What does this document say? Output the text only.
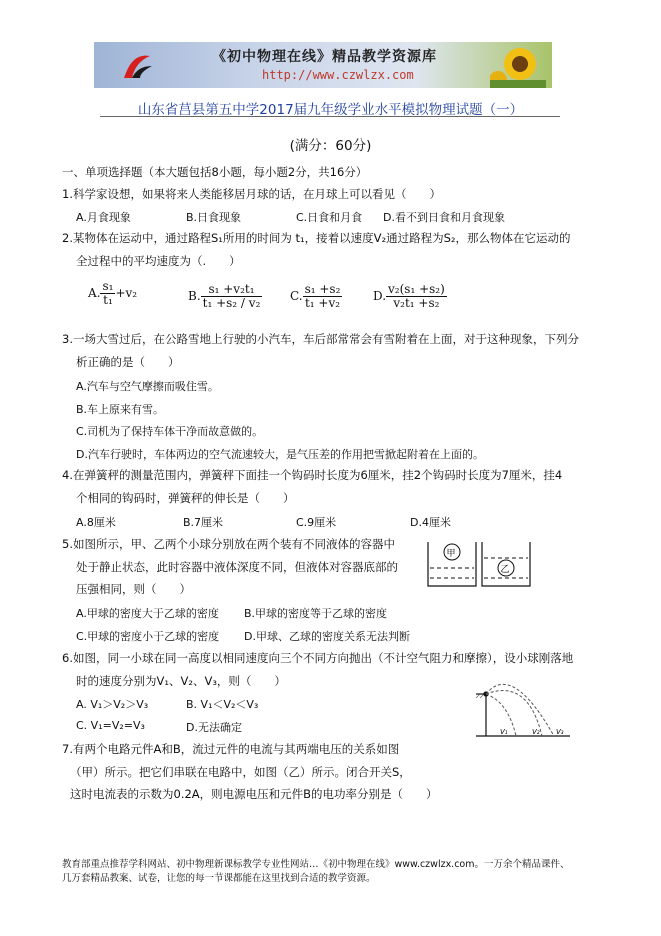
《初中物理在线》精品教学资源库
http://www.czwlzx.com
山东省莒县第五中学2017届九年级学业水平模拟物理试题（一）
(满分：60分)
一、单项选择题（本大题包括8小题，每小题2分，共16分）
1.科学家设想，如果将来人类能移居月球的话，在月球上可以看见（　　）
A.月食现象	B.日食现象	C.日食和月食 D.看不到日食和月食现象
2.某物体在运动中，通过路程S₁所用的时间为 t₁，接着以速度V₂通过路程为S₂，那么物体在它运动的
全过程中的平均速度为（.　　）
A. $\frac{\text{s₁}}{\text{t₁}} +v_2$	B. $\frac{\text{s₁ +v₂t₁}}{\text{t₁ +s₂ / v₂}} C$. $\frac{\text{s₁ +s₂}}{\text{t₁ +v₂}}$	D. $\frac{\text{v₂(s₁ +s₂)}}{\text{v₂t₁ +s₂}}$
3.一场大雪过后，在公路雪地上行驶的小汽车，车后部常常会有雪附着在上面，对于这种现象，下列分
析正确的是（　　）
A.汽车与空气摩擦而吸住雪。
B.车上原来有雪。
C.司机为了保持车体干净而故意做的。
D.汽车行驶时，车体两边的空气流速较大，是气压差的作用把雪掀起附着在上面的。
4.在弹簧秤的测量范围内，弹簧秤下面挂一个钩码时长度为6厘米，挂2个钩码时长度为7厘米，挂4
个相同的钩码时，弹簧秤的伸长是（　　）
A.8厘米	B.7厘米	C.9厘米	D.4厘米
5.如图所示，甲、乙两个小球分别放在两个装有不同液体的容器中
处于静止状态，此时容器中液体深度不同，但液体对容器底部的
压强相同，则（　　）
甲
乙
A.甲球的密度大于乙球的密度 B.甲球的密度等于乙球的密度
C.甲球的密度小于乙球的密度 D.甲球、乙球的密度关系无法判断
6.如图，同一小球在同一高度以相同速度向三个不同方向抛出（不计空气阻力和摩擦），设小球刚落地
时的速度分别为V₁、V₂、V₃，则（　　）
A. V₁＞V₂＞V₃	B. V₁＜V₂＜V₃
C. V₁=V₂=V₃	D.无法确定	V₁	V₂ V₃
7.有两个电路元件A和B，流过元件的电流与其两端电压的关系如图
（甲）所示。把它们串联在电路中，如图（乙）所示。闭合开关S，
这时电流表的示数为0.2A，则电源电压和元件B的电功率分别是（　　）
教育部重点推荐学科网站、初中物理新课标教学专业性网站…《初中物理在线》www.czwlzx.com。一万余个精品课件、
几万套精品教案、试卷，让您的每一节课都能在这里找到合适的教学资源。
